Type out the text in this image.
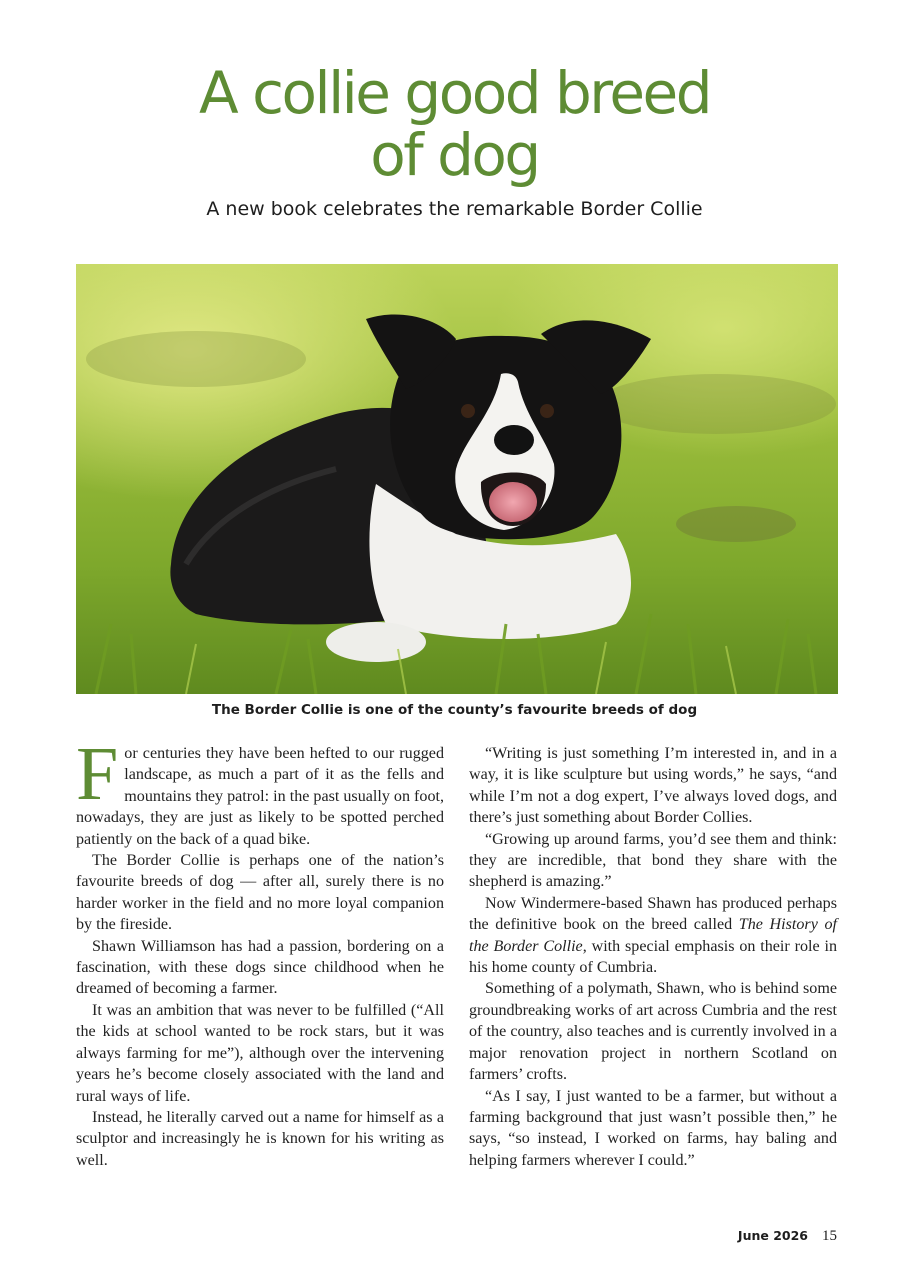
A collie good breed
of dog

A new book celebrates the remarkable Border Collie

The Border Collie is one of the county’s favourite breeds of dog

For centuries they have been hefted to our rugged landscape, as much a part of it as the fells and mountains they patrol: in the past usually on foot, nowadays, they are just as likely to be spotted perched patiently on the back of a quad bike.

The Border Collie is perhaps one of the nation’s favourite breeds of dog — after all, surely there is no harder worker in the field and no more loyal companion by the fireside.

Shawn Williamson has had a passion, bordering on a fascination, with these dogs since childhood when he dreamed of becoming a farmer.

It was an ambition that was never to be fulfilled (“All the kids at school wanted to be rock stars, but it was always farming for me”), although over the intervening years he’s become closely associated with the land and rural ways of life.

Instead, he literally carved out a name for himself as a sculptor and increasingly he is known for his writing as well.

“Writing is just something I’m interested in, and in a way, it is like sculpture but using words,” he says, “and while I’m not a dog expert, I’ve always loved dogs, and there’s just something about Border Collies.

“Growing up around farms, you’d see them and think: they are incredible, that bond they share with the shepherd is amazing.”

Now Windermere-based Shawn has produced perhaps the definitive book on the breed called The History of the Border Collie, with special emphasis on their role in his home county of Cumbria.

Something of a polymath, Shawn, who is behind some groundbreaking works of art across Cumbria and the rest of the country, also teaches and is currently involved in a major renovation project in northern Scotland on farmers’ crofts.

“As I say, I just wanted to be a farmer, but without a farming background that just wasn’t possible then,” he says, “so instead, I worked on farms, hay baling and helping farmers wherever I could.”

June 2026 15
